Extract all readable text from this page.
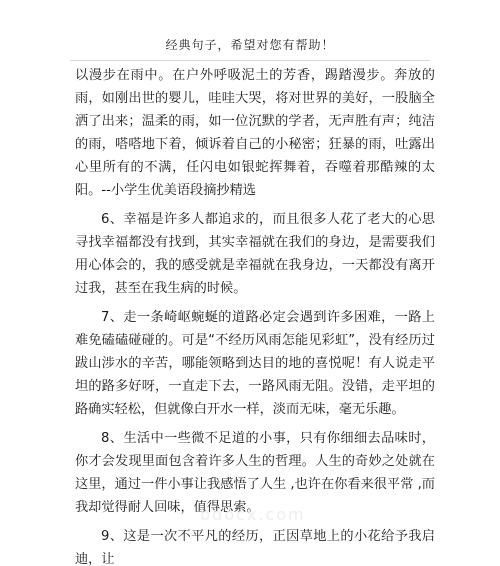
经典句子，希望对您有帮助！

以漫步在雨中。在户外呼吸泥土的芳香，踢踏漫步。奔放的雨，如刚出世的婴儿，哇哇大哭，将对世界的美好，一股脑全洒了出来；温柔的雨，如一位沉默的学者，无声胜有声；纯洁的雨，嗒嗒地下着，倾诉着自己的小秘密；狂暴的雨，吐露出心里所有的不满，任闪电如银蛇挥舞着，吞噬着那酷辣的太阳。--小学生优美语段摘抄精选

6、幸福是许多人都追求的，而且很多人花了老大的心思寻找幸福都没有找到，其实幸福就在我们的身边，是需要我们用心体会的，我的感受就是幸福就在我身边，一天都没有离开过我，甚至在我生病的时候。

7、走一条崎岖蜿蜒的道路必定会遇到许多困难，一路上难免磕磕碰碰的。可是“不经历风雨怎能见彩虹”，没有经历过跋山涉水的辛苦，哪能领略到达目的地的喜悦呢！有人说走平坦的路多好呀，一直走下去，一路风雨无阻。没错，走平坦的路确实轻松，但就像白开水一样，淡而无味，毫无乐趣。

8、生活中一些微不足道的小事，只有你细细去品味时，你才会发现里面包含着许多人生的哲理。人生的奇妙之处就在这里，通过一件小事让我感悟了人生 ,也许在你看来很平常 ,而我却觉得耐人回味，值得思索。

9、这是一次不平凡的经历，正因草地上的小花给予我启迪，让

bdocx.com
